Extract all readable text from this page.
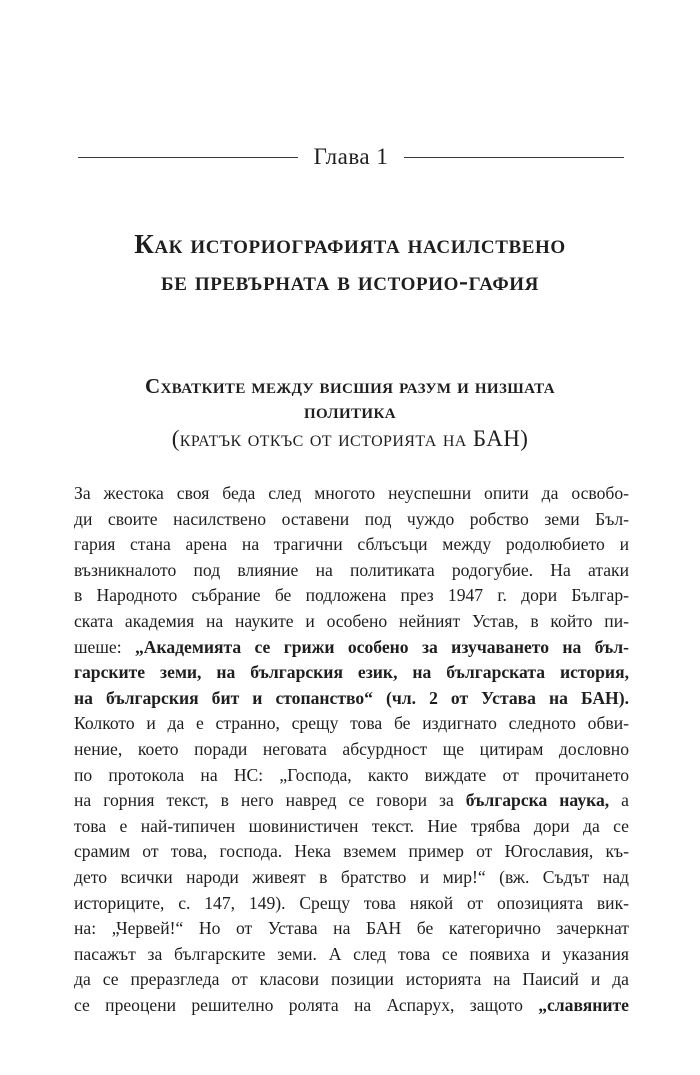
Глава 1
Как историографията насилствено
бе превърната в историо-гафия
Схватките между висшия разум и низшата
политика
(кратък откъс от историята на БАН)
За жестока своя беда след многото неуспешни опити да освобо-
ди своите насилствено оставени под чуждо робство земи Бъл-
гария стана арена на трагични сблъсъци между родолюбието и
възникналото под влияние на политиката родогубие. На атаки
в Народното събрание бе подложена през 1947 г. дори Българ-
ската академия на науките и особено нейният Устав, в който пи-
шеше: „Академията се грижи особено за изучаването на бъл-
гарските земи, на българския език, на българската история,
на българския бит и стопанство“ (чл. 2 от Устава на БАН).
Колкото и да е странно, срещу това бе издигнато следното обви-
нение, което поради неговата абсурдност ще цитирам дословно
по протокола на НС: „Господа, както виждате от прочитането
на горния текст, в него навред се говори за българска наука, а
това е най-типичен шовинистичен текст. Ние трябва дори да се
срамим от това, господа. Нека вземем пример от Югославия, къ-
дето всички народи живеят в братство и мир!“ (вж. Съдът над
историците, с. 147, 149). Срещу това някой от опозицията вик-
на: „Червей!“ Но от Устава на БАН бе категорично зачеркнат
пасажът за българските земи. А след това се появиха и указания
да се преразгледа от класови позиции историята на Паисий и да
се преоцени решително ролята на Аспарух, защото „славяните
